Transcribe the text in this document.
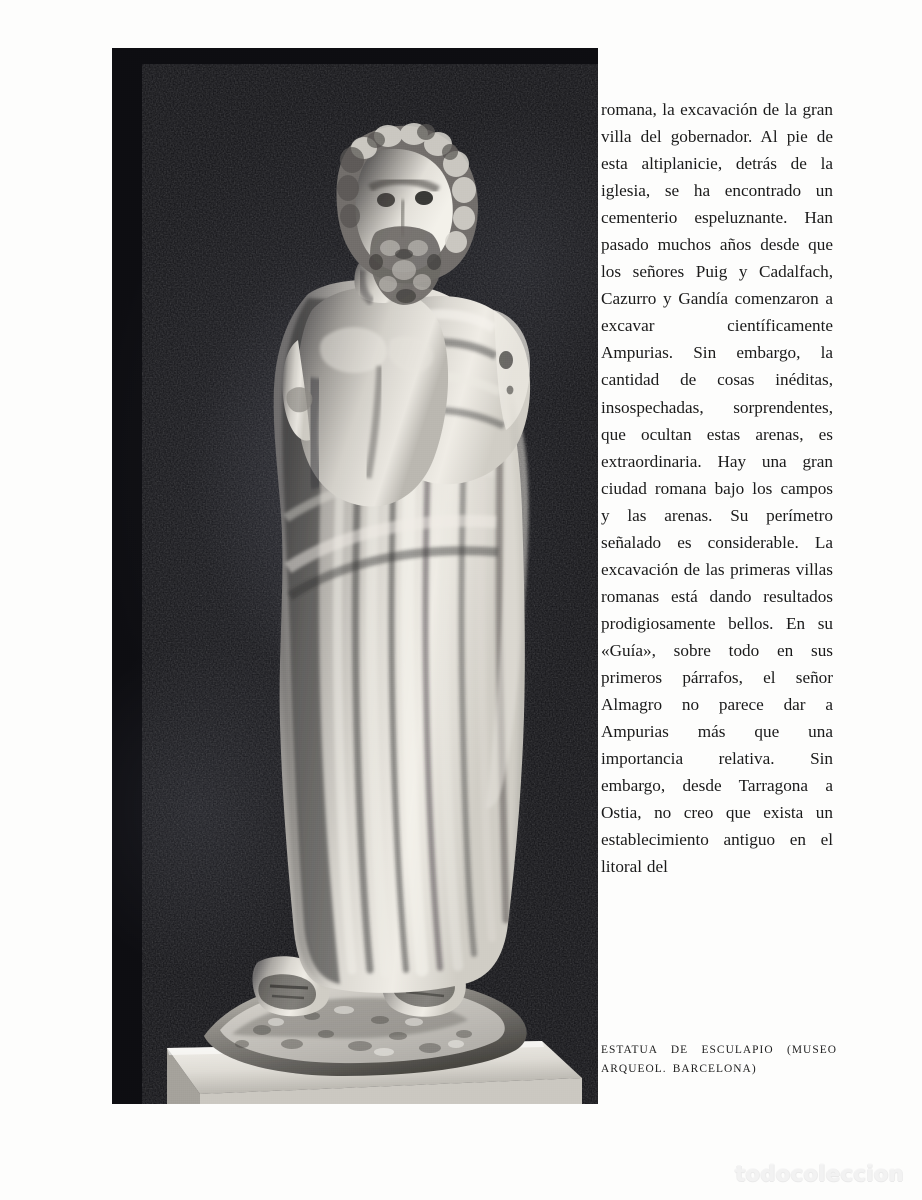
romana, la excavación de la gran villa del gobernador. Al pie de esta altiplanicie, detrás de la iglesia, se ha encontrado un cementerio espeluznante. Han pasado muchos años desde que los señores Puig y Cadalfach, Cazurro y Gandía comenzaron a excavar científicamente Ampurias. Sin embargo, la cantidad de cosas inéditas, insospechadas, sorprendentes, que ocultan estas arenas, es extraordinaria. Hay una gran ciudad romana bajo los campos y las arenas. Su perímetro señalado es considerable. La excavación de las primeras villas romanas está dando resultados prodigiosamente bellos. En su «Guía», sobre todo en sus primeros párrafos, el señor Almagro no parece dar a Ampurias más que una importancia relativa. Sin embargo, desde Tarragona a Ostia, no creo que exista un establecimiento antiguo en el litoral del

ESTATUA DE ESCULAPIO (MUSEO ARQUEOL. BARCELONA)

todocoleccion
